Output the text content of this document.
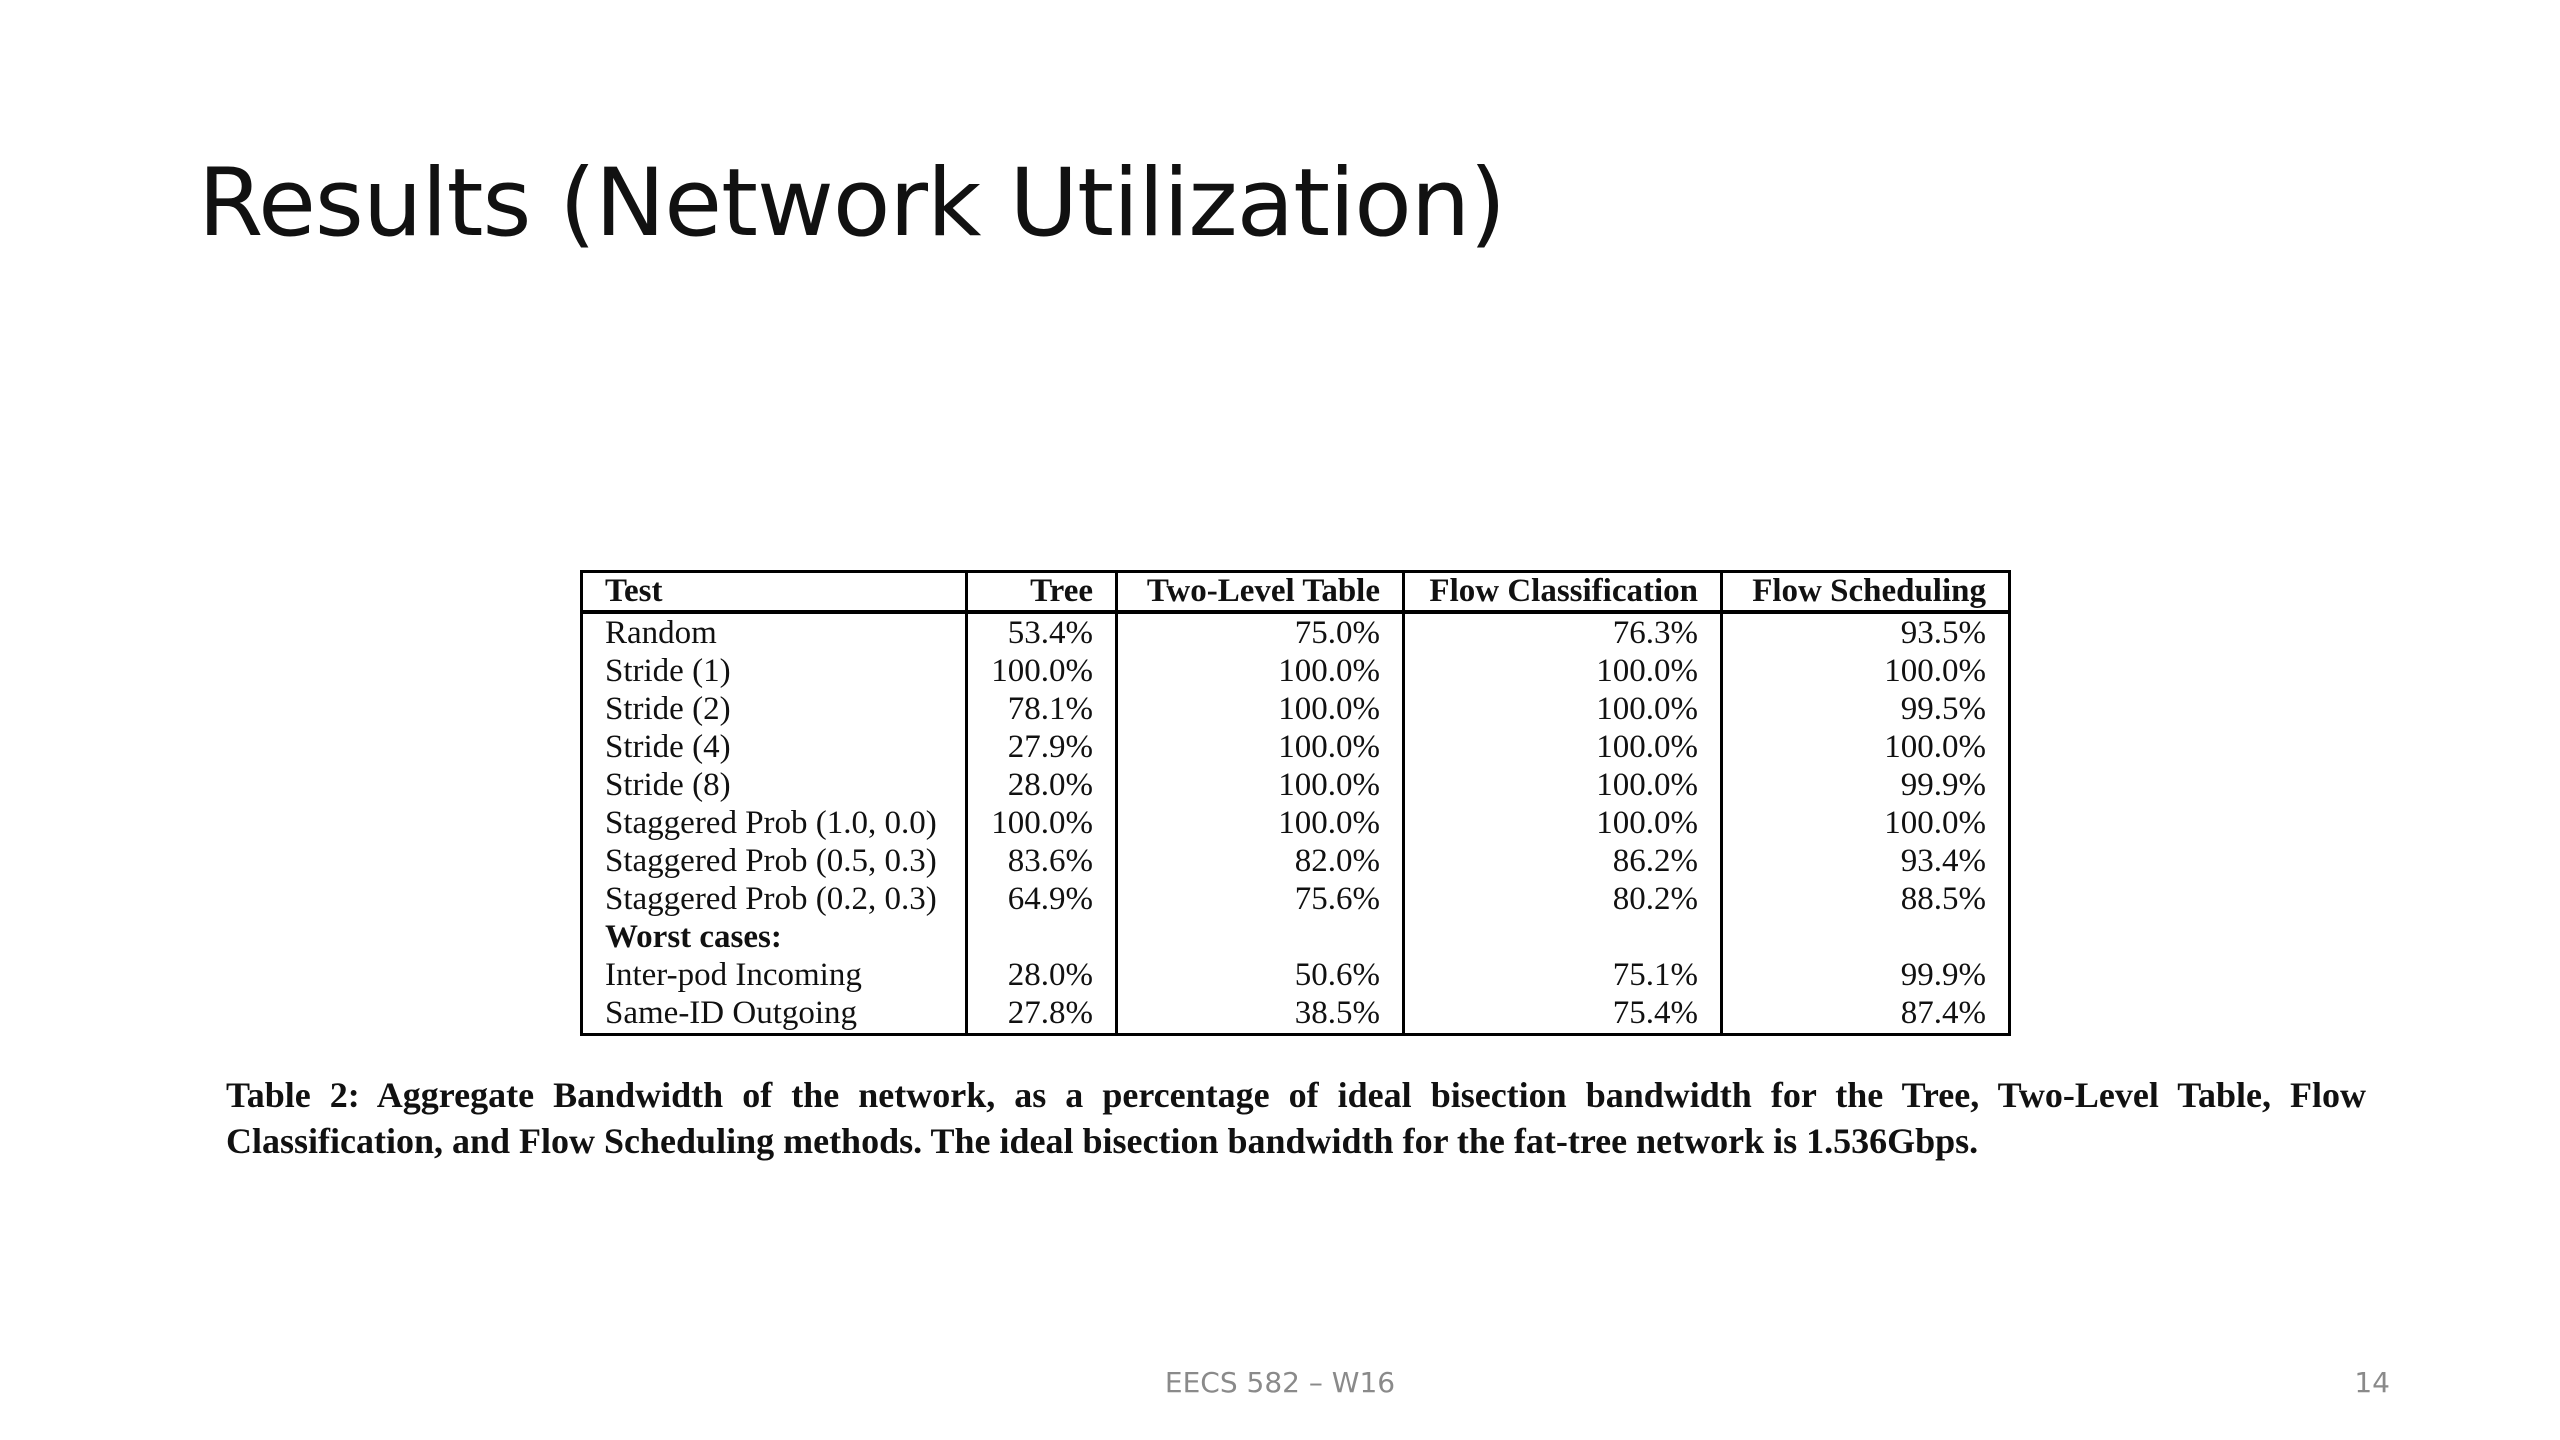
Results (Network Utilization)
Test	Tree	Two-Level Table	Flow Classification	Flow Scheduling
Random	53.4%	75.0%	76.3%	93.5%
Stride (1)	100.0%	100.0%	100.0%	100.0%
Stride (2)	78.1%	100.0%	100.0%	99.5%
Stride (4)	27.9%	100.0%	100.0%	100.0%
Stride (8)	28.0%	100.0%	100.0%	99.9%
Staggered Prob (1.0, 0.0)	100.0%	100.0%	100.0%	100.0%
Staggered Prob (0.5, 0.3)	83.6%	82.0%	86.2%	93.4%
Staggered Prob (0.2, 0.3)	64.9%	75.6%	80.2%	88.5%
Worst cases:				
Inter-pod Incoming	28.0%	50.6%	75.1%	99.9%
Same-ID Outgoing	27.8%	38.5%	75.4%	87.4%

Table 2: Aggregate Bandwidth of the network, as a percentage of ideal bisection bandwidth for the Tree, Two-Level Table, Flow Classification, and Flow Scheduling methods. The ideal bisection bandwidth for the fat-tree network is 1.536Gbps.

EECS 582 – W16	14
